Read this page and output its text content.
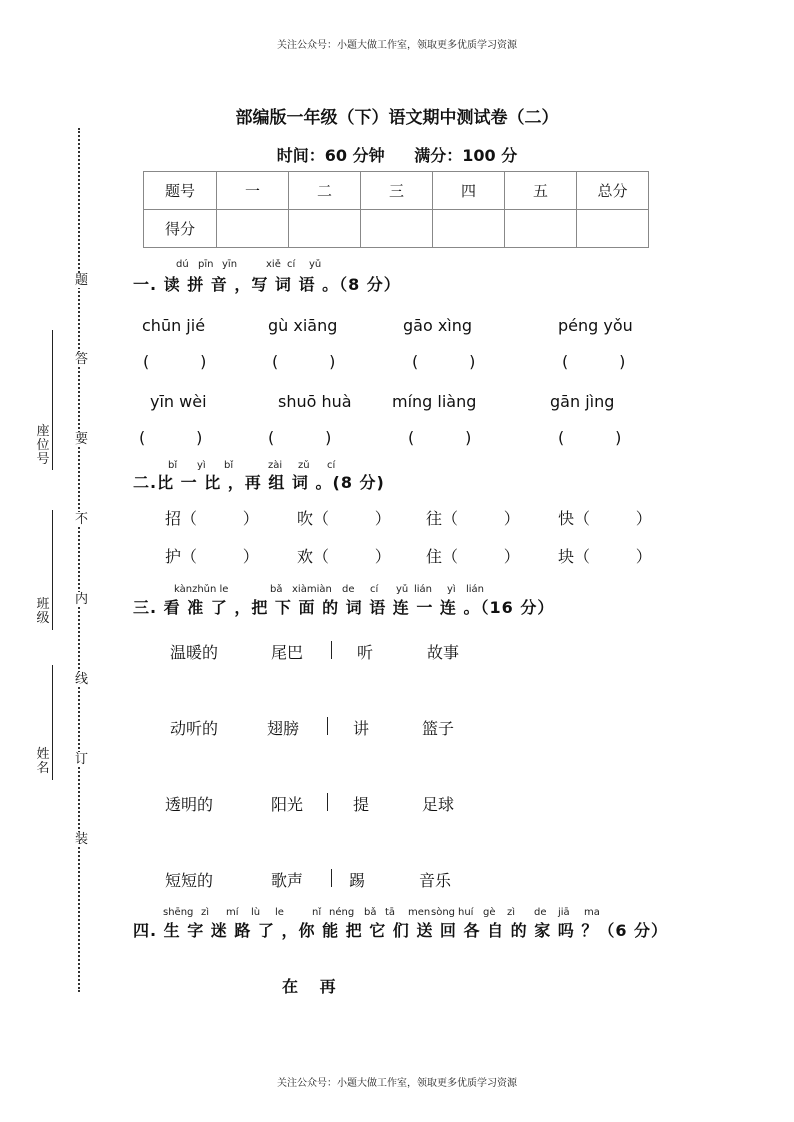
关注公众号：小题大做工作室，领取更多优质学习资源
题
答
要
不
内
线
订
装
座位号
班级
姓名
部编版一年级（下）语文期中测试卷（二）
时间：60 分钟 满分：100 分
题号	一	二	三	四	五	总分
得分						
dú pīn yīn	xiě cí yǔ
一. 读 拼 音 ，写 词 语 。（8 分）
chūn jié	gù xiāng	gāo xìng	péng yǒu
(          )	(          )	(          )	(          )
yīn wèi	shuō huà	míng liàng	gān jìng
(          )	(          )	(          )	(          )
bǐ yì bǐ	zài zǔ cí
二.比 一 比 ，再 组 词 。(8 分)
招（         ） 吹（         ） 往（         ） 快（         ）
护（         ） 欢（         ） 住（         ） 块（         ）
kànzhǔn le	bǎ xiàmiàn de cí yǔ lián yì lián
三. 看 准 了 ，把 下 面 的 词 语 连 一 连 。（16 分）
温暖的	尾巴	听	故事
动听的	翅膀	讲	篮子
透明的	阳光	提	足球
短短的	歌声	踢	音乐
shēng zì mí lù le	nǐ néng bǎ tā men sòng huí gè zì de jiā ma
四. 生 字 迷 路 了 ，你 能 把 它 们 送 回 各 自 的 家 吗 ？（6 分）
在 再
关注公众号：小题大做工作室，领取更多优质学习资源
